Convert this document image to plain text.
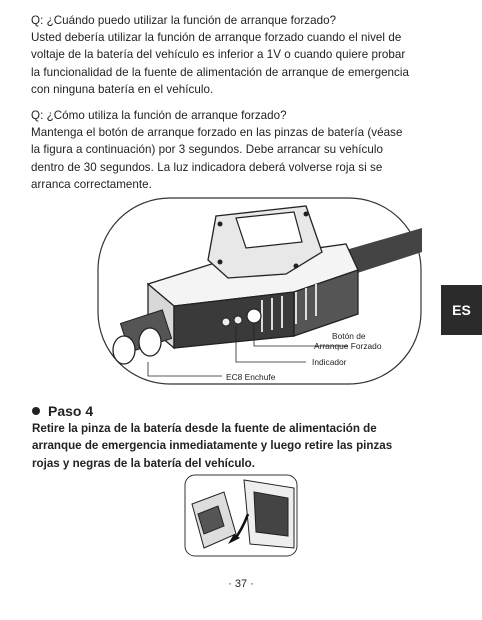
Q: ¿Cuándo puedo utilizar la función de arranque forzado?

Usted debería utilizar la función de arranque forzado cuando el nivel de

voltaje de la batería del vehículo es inferior a 1V o cuando quiere probar

la funcionalidad de la fuente de alimentación de arranque de emergencia

con ninguna batería en el vehículo.

Q: ¿Cómo utiliza la función de arranque forzado?

Mantenga el botón de arranque forzado en las pinzas de batería (véase

la figura a continuación) por 3 segundos. Debe arrancar su vehículo

dentro de 30 segundos. La luz indicadora deberá volverse roja si se

arranca correctamente.

ES
Botón de
Arranque Forzado
Indicador
EC8 Enchufe
Paso 4
Retire la pinza de la batería desde la fuente de alimentación de
arranque de emergencia inmediatamente y luego retire las pinzas
rojas y negras de la batería del vehículo.
· 37 ·
